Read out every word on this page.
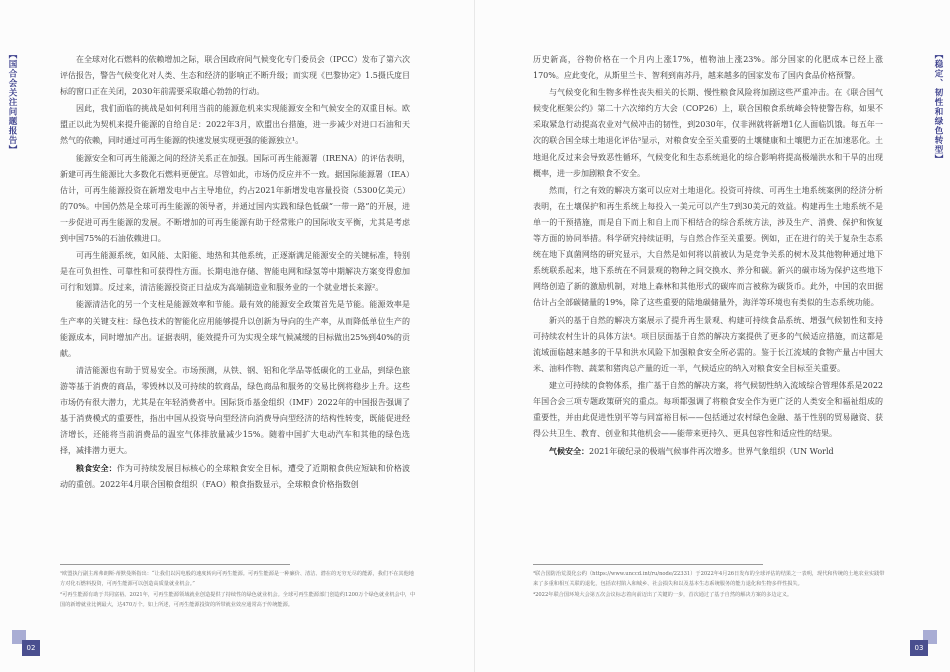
【国合会关注问题报告】	在全球对化石燃料的依赖增加之际，联合国政府间气候变化专门委员会（IPCC）发布了第六次评估报告，警告气候变化对人类、生态和经济的影响正不断升级；而实现《巴黎协定》1.5摄氏度目标的窗口正在关闭，2030年前需要采取雄心勃勃的行动。

因此，我们面临的挑战是如何利用当前的能源危机来实现能源安全和气候安全的双重目标。欧盟正以此为契机来提升能源的自给自足：2022年3月，欧盟出台措施，进一步减少对进口石油和天然气的依赖，同时通过可再生能源的快速发展实现更强的能源独立¹。

能源安全和可再生能源之间的经济关系正在加强。国际可再生能源署（IRENA）的评估表明，新建可再生能源比大多数化石燃料更便宜。尽管如此，市场仍反应并不一致。据国际能源署（IEA）估计，可再生能源投资在新增发电中占主导地位，约占2021年新增发电容量投资（5300亿美元）的70%。中国仍然是全球可再生能源的领导者，并通过国内实践和绿色低碳“一带一路”的开展，进一步促进可再生能源的发展。不断增加的可再生能源有助于经常账户的国际收支平衡，尤其是考虑到中国75%的石油依赖进口。

可再生能源系统，如风能、太阳能、地热和其他系统，正逐渐满足能源安全的关键标准，特别是在可负担性、可靠性和可获得性方面。长期电池存储、智能电网和绿氢等中期解决方案变得愈加可行和划算。反过来，清洁能源投资正日益成为高端制造业和服务业的一个就业增长来源²。

能源清洁化的另一个支柱是能源效率和节能。最有效的能源安全政策首先是节能。能源效率是生产率的关键支柱：绿色技术的智能化应用能够提升以创新为导向的生产率，从而降低单位生产的能源成本，同时增加产出。证据表明，能效提升可为实现全球气候减缓的目标做出25%到40%的贡献。

清洁能源也有助于贸易安全。市场预测，从铁、钢、铝和化学品等低碳化的工业品，到绿色旅游等基于消费的商品，零毁林以及可持续的软商品，绿色商品和服务的交易比例将稳步上升。这些市场仍有很大潜力，尤其是在年轻消费者中。国际货币基金组织（IMF）2022年的中国报告强调了基于消费模式的重要性，指出中国从投资导向型经济向消费导向型经济的结构性转变，既能促进经济增长，还能将当前消费品的温室气体排放量减少15%。随着中国扩大电动汽车和其他的绿色选择，减排潜力更大。

粮食安全：作为可持续发展目标核心的全球粮食安全目标，遭受了近期粮食供应短缺和价格波动的重创。2022年4月联合国粮食组织（FAO）粮食指数显示，全球粮食价格指数创

¹欧盟执行副主席弗朗斯·蒂默曼斯指出：“让我们以闪电般的速度转向可再生能源。可再生能源是一种廉价、清洁、潜在的无穷无尽的能源，我们不在其他地方对化石燃料投资，可再生能源可以创造高质量就业机会。”

²可再生能源有助于共同富裕。2021年，可再生能源领域就业创造提供了持续性的绿色就业机会。全球可再生能源部门创造约1200万个绿色就业机会中，中国的新增就业比例最大，达470万个。如上所述，可再生能源投资的所带就业效应通常高于传统能源。

02
【稳定、韧性和绿色转型】

历史新高，谷物价格在一个月内上涨17%，植物油上涨23%。部分国家的化肥成本已经上涨170%。应此变化，从斯里兰卡、智利到南苏丹，越来越多的国家发布了国内食品价格预警。

与气候变化和生物多样性丧失相关的长期、慢性粮食风险将加剧这些严重冲击。在《联合国气候变化框架公约》第二十六次缔约方大会（COP26）上，联合国粮食系统峰会特使警告称，如果不采取紧急行动提高农业对气候冲击的韧性，到2030年，仅非洲就将新增1亿人面临饥饿。每五年一次的联合国全球土地退化评估³显示，对粮食安全至关重要的土壤健康和土壤肥力正在加速恶化。土地退化反过来会导致恶性循环，气候变化和生态系统退化的综合影响将提高极端洪水和干旱的出现概率，进一步加剧粮食不安全。

然而，行之有效的解决方案可以应对土地退化。投资可持续、可再生土地系统案例的经济分析表明，在土壤保护和再生系统上每投入一美元可以产生7到30美元的效益。构建再生土地系统不是单一的干预措施，而是自下而上和自上而下相结合的综合系统方法，涉及生产、消费、保护和恢复等方面的协同举措。科学研究持续证明，与自然合作至关重要。例如，正在进行的关于复杂生态系统在地下真菌网络的研究显示，大自然是如何将以前被认为是竞争关系的树木及其他物种通过地下系统联系起来，地下系统在不同景观的物种之间交换水、养分和碳。新兴的碳市场为保护这些地下网络创造了新的激励机制，对地上森林和其他形式的碳库而言被称为碳货币。此外，中国的农田据估计占全部碳储量的19%，除了这些重要的陆地碳储量外，海洋等环境也有类似的生态系统功能。

新兴的基于自然的解决方案展示了提升再生景观、构建可持续食品系统、增强气候韧性和支持可持续农村生计的具体方法⁴。项目层面基于自然的解决方案提供了更多的气候适应措施，而这都是流域面临越来越多的干旱和洪水风险下加强粮食安全所必需的。鉴于长江流域的食物产量占中国大米、油料作物、蔬菜和猪肉总产量的近一半，气候适应的纳入对粮食安全目标至关重要。

建立可持续的食物体系，推广基于自然的解决方案，将气候韧性纳入流域综合管理体系是2022年国合会三项专题政策研究的重点。每项都强调了将粮食安全作为更广泛的人类安全和福祉组成的重要性，并由此促进性别平等与同富裕目标——包括通过农村绿色金融、基于性别的贸易融资、获得公共卫生、教育、创业和其他机会——能带来更持久、更具包容性和适应性的结果。

气候安全：2021年破纪录的极端气候事件再次增多。世界气象组织（UN World

³联合国防治荒漠化公约（https://www.unccd.int/ru/node/22331）于2022年4月26日发布的全球评估的结果之一表明，现代和传统的土地农业实践带来了多重和相互关联的退化，包括农村陷入和城乡、社会损失和以及基本生态系统服务的能力退化和生物多样性损失。

⁴2022年联合国环境大会第五次会议标志着向前迈出了关键的一步，首次通过了基于自然的解决方案的多边定义。

03
